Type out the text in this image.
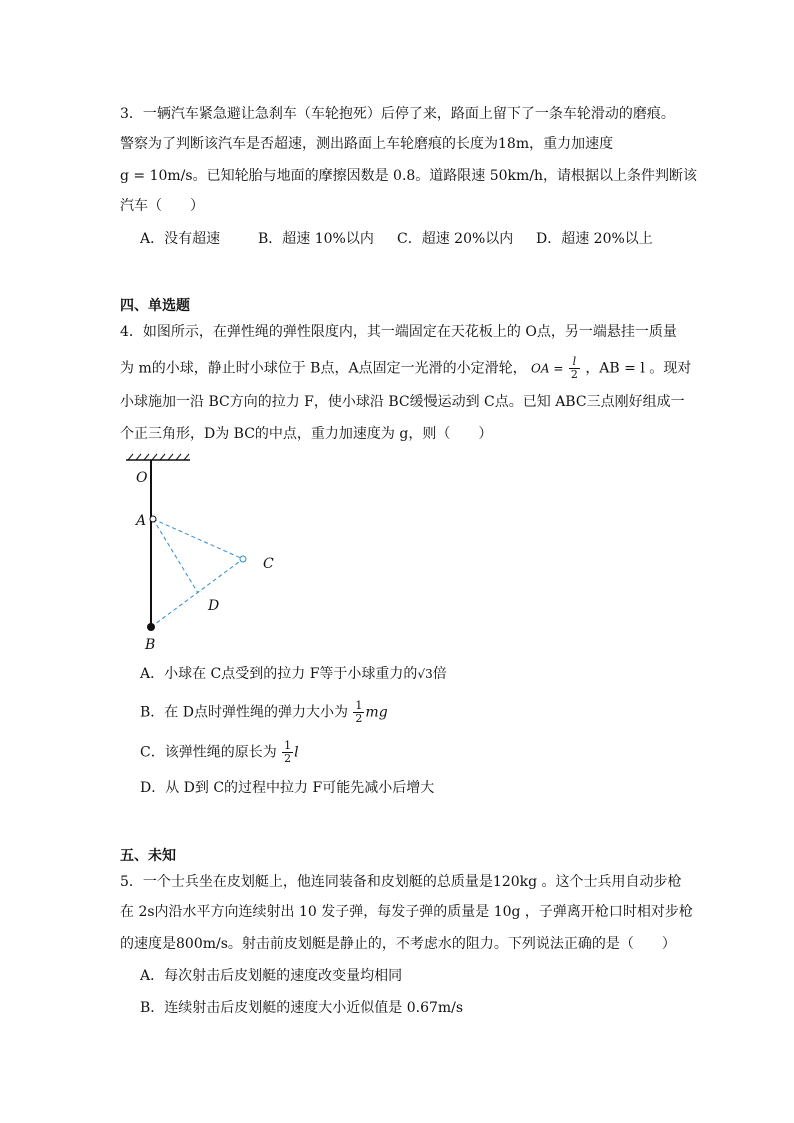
3．一辆汽车紧急避让急刹车（车轮抱死）后停了来，路面上留下了一条车轮滑动的磨痕。
警察为了判断该汽车是否超速，测出路面上车轮磨痕的长度为18m，重力加速度
g = 10m/s。已知轮胎与地面的摩擦因数是 0.8。道路限速 50km/h，请根据以上条件判断该
汽车（　　）
A．没有超速	B．超速 10%以内 C．超速 20%以内 D．超速 20%以上
四、单选题
4．如图所示，在弹性绳的弹性限度内，其一端固定在天花板上的 O点，另一端悬挂一质量
为 m的小球，静止时小球位于 B点，A点固定一光滑的小定滑轮， OA = $\frac{l}{2}$ ，AB = l 。现对
小球施加一沿 BC方向的拉力 F，使小球沿 BC缓慢运动到 C点。已知 ABC三点刚好组成一
个正三角形，D为 BC的中点，重力加速度为 g，则（　　）
O
A
C
D
B
A．小球在 C点受到的拉力 F等于小球重力的√3倍
B．在 D点时弹性绳的弹力大小为 $\frac{1}{2}$ mg
C．该弹性绳的原长为 $\frac{1}{2}$ l
D．从 D到 C的过程中拉力 F可能先减小后增大
五、未知
5．一个士兵坐在皮划艇上，他连同装备和皮划艇的总质量是120kg 。这个士兵用自动步枪
在 2s内沿水平方向连续射出 10 发子弹，每发子弹的质量是 10g ，子弹离开枪口时相对步枪
的速度是800m/s。射击前皮划艇是静止的，不考虑水的阻力。下列说法正确的是（　　）
A．每次射击后皮划艇的速度改变量均相同
B．连续射击后皮划艇的速度大小近似值是 0.67m/s
